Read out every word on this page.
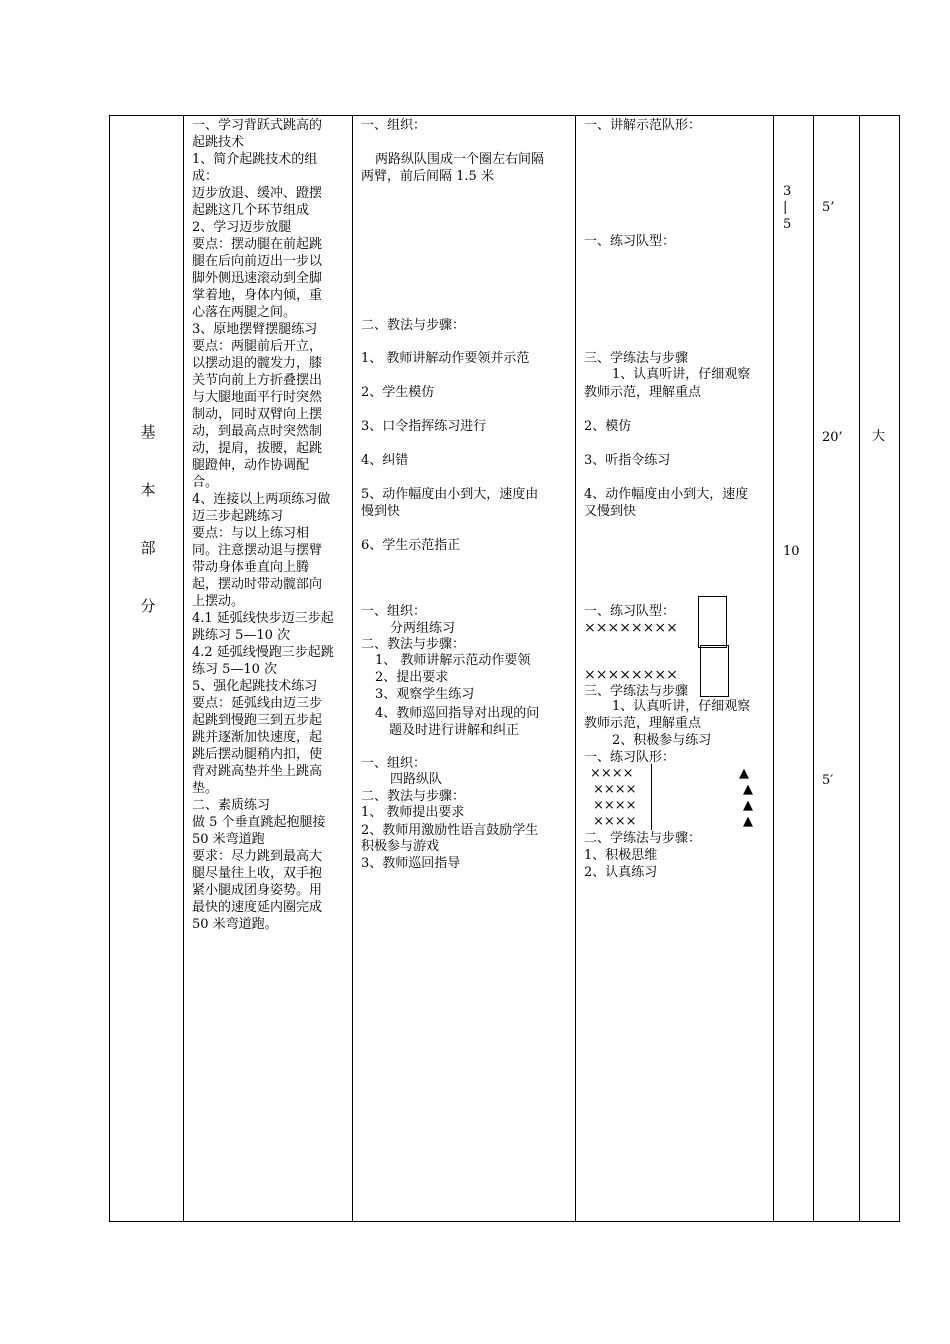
基
本
部
分
一、学习背跃式跳高的
起跳技术
1、简介起跳技术的组
成：
迈步放退、缓冲、蹬摆
起跳这几个环节组成
2、学习迈步放腿
要点：摆动腿在前起跳
腿在后向前迈出一步以
脚外侧迅速滚动到全脚
掌着地，身体内倾，重
心落在两腿之间。
3、原地摆臂摆腿练习
要点：两腿前后开立，
以摆动退的髋发力，膝
关节向前上方折叠摆出
与大腿地面平行时突然
制动，同时双臂向上摆
动，到最高点时突然制
动，提肩，拔腰，起跳
腿蹬伸，动作协调配
合。
4、连接以上两项练习做
迈三步起跳练习
要点：与以上练习相
同。注意摆动退与摆臂
带动身体垂直向上腾
起，摆动时带动髋部向
上摆动。
4.1 延弧线快步迈三步起
跳练习 5—10 次
4.2 延弧线慢跑三步起跳
练习 5—10 次
5、强化起跳技术练习
要点：延弧线由迈三步
起跳到慢跑三到五步起
跳并逐渐加快速度，起
跳后摆动腿稍内扣，使
背对跳高垫并坐上跳高
垫。
二、素质练习
做 5 个垂直跳起抱腿接
50 米弯道跑
要求：尽力跳到最高大
腿尽量往上收，双手抱
紧小腿成团身姿势。用
最快的速度延内圈完成
50 米弯道跑。
一、组织：
两路纵队围成一个圈左右间隔
两臂，前后间隔 1.5 米
二、教法与步骤：
1、 教师讲解动作要领并示范
2、学生模仿
3、口令指挥练习进行
4、纠错
5、动作幅度由小到大，速度由
慢到快
6、学生示范指正
一、组织：
分两组练习
二、教法与步骤：
1、 教师讲解示范动作要领
2、提出要求
3、观察学生练习
4、教师巡回指导对出现的问
题及时进行讲解和纠正
一、组织：
四路纵队
二、教法与步骤：
1、 教师提出要求
2、教师用激励性语言鼓励学生
积极参与游戏
3、教师巡回指导
一、讲解示范队形：
一、练习队型：
三、学练法与步骤
1、认真听讲，仔细观察
教师示范，理解重点
2、模仿
3、听指令练习
4、动作幅度由小到大，速度
又慢到快
一、练习队型：
××××××××
××××××××
三、学练法与步骤
1、认真听讲，仔细观察
教师示范，理解重点
2、积极参与练习
一、练习队形：
××××
××××
××××
××××
▲
▲
▲
▲
二、学练法与步骤：
1、积极思维
2、认真练习
3
|
5
10
5’
20’
5′
大
